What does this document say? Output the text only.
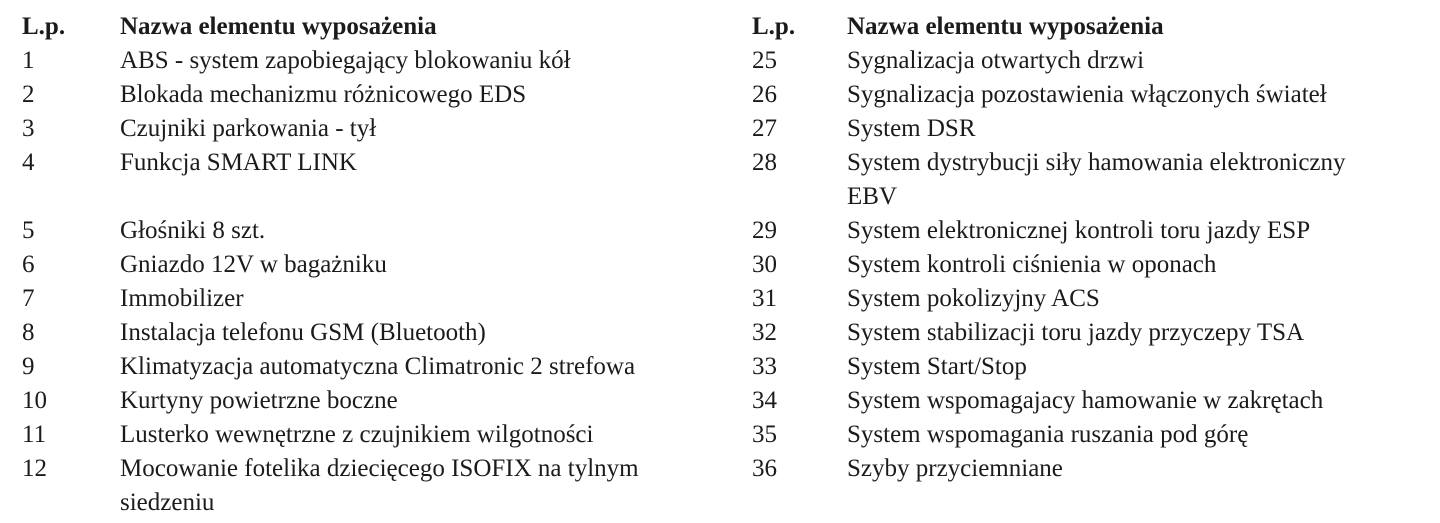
L.p.	Nazwa elementu wyposażenia
1	ABS - system zapobiegający blokowaniu kół
2	Blokada mechanizmu różnicowego EDS
3	Czujniki parkowania - tył
4	Funkcja SMART LINK

5	Głośniki 8 szt.
6	Gniazdo 12V w bagażniku
7	Immobilizer
8	Instalacja telefonu GSM (Bluetooth)
9	Klimatyzacja automatyczna Climatronic 2 strefowa
10	Kurtyny powietrzne boczne
11	Lusterko wewnętrzne z czujnikiem wilgotności
12	Mocowanie fotelika dziecięcego ISOFIX na tylnym
	siedzeniu
L.p.	Nazwa elementu wyposażenia
25	Sygnalizacja otwartych drzwi
26	Sygnalizacja pozostawienia włączonych świateł
27	System DSR
28	System dystrybucji siły hamowania elektroniczny
	EBV
29	System elektronicznej kontroli toru jazdy ESP
30	System kontroli ciśnienia w oponach
31	System pokolizyjny ACS
32	System stabilizacji toru jazdy przyczepy TSA
33	System Start/Stop
34	System wspomagajacy hamowanie w zakrętach
35	System wspomagania ruszania pod górę
36	Szyby przyciemniane
